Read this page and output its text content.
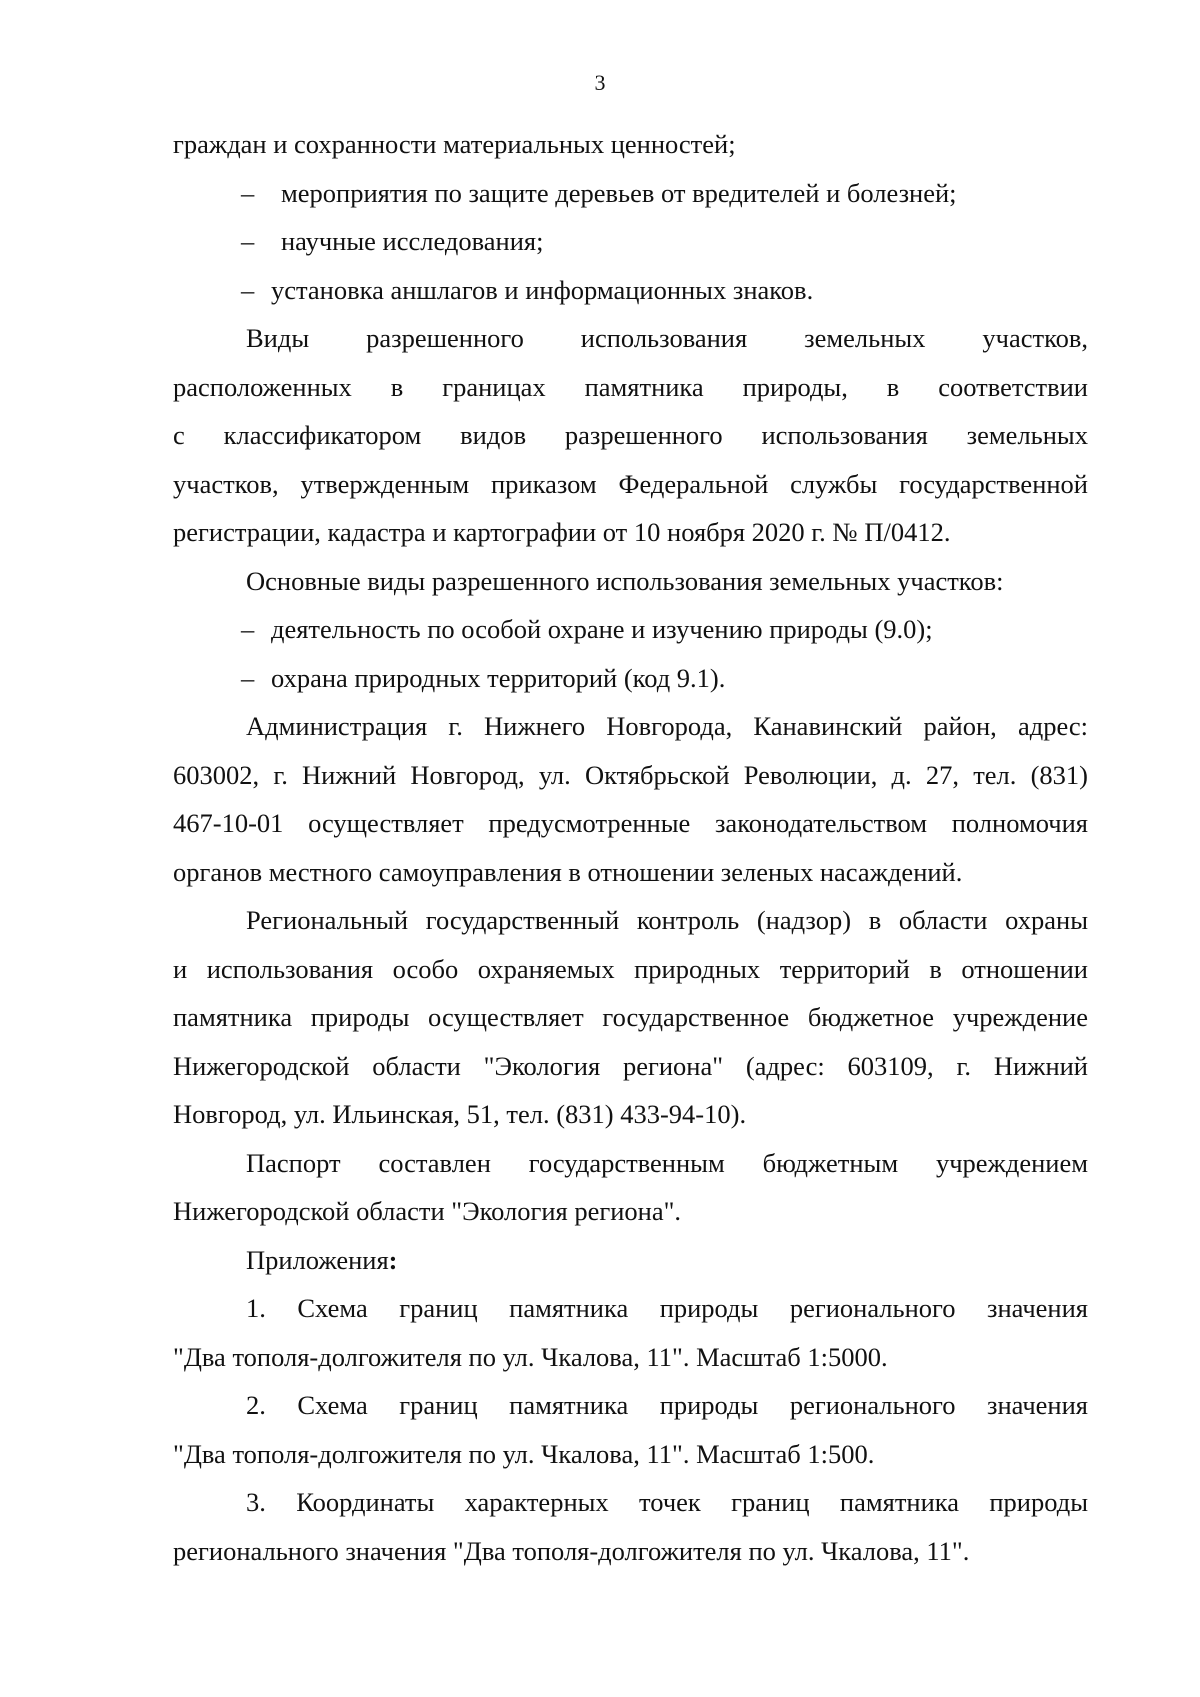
3

граждан и сохранности материальных ценностей;

– мероприятия по защите деревьев от вредителей и болезней;

– научные исследования;

– установка аншлагов и информационных знаков.

Виды разрешенного использования земельных участков,

расположенных в границах памятника природы, в соответствии

с классификатором видов разрешенного использования земельных

участков, утвержденным приказом Федеральной службы государственной

регистрации, кадастра и картографии от 10 ноября 2020 г. № П/0412.

Основные виды разрешенного использования земельных участков:

– деятельность по особой охране и изучению природы (9.0);

– охрана природных территорий (код 9.1).

Администрация г. Нижнего Новгорода, Канавинский район, адрес:

603002, г. Нижний Новгород, ул. Октябрьской Революции, д. 27, тел. (831)

467-10-01 осуществляет предусмотренные законодательством полномочия

органов местного самоуправления в отношении зеленых насаждений.

Региональный государственный контроль (надзор) в области охраны

и использования особо охраняемых природных территорий в отношении

памятника природы осуществляет государственное бюджетное учреждение

Нижегородской области "Экология региона" (адрес: 603109, г. Нижний

Новгород, ул. Ильинская, 51, тел. (831) 433-94-10).

Паспорт составлен государственным бюджетным учреждением

Нижегородской области "Экология региона".

Приложения:

1. Схема границ памятника природы регионального значения

"Два тополя-долгожителя по ул. Чкалова, 11". Масштаб 1:5000.

2. Схема границ памятника природы регионального значения

"Два тополя-долгожителя по ул. Чкалова, 11". Масштаб 1:500.

3. Координаты характерных точек границ памятника природы

регионального значения "Два тополя-долгожителя по ул. Чкалова, 11".
